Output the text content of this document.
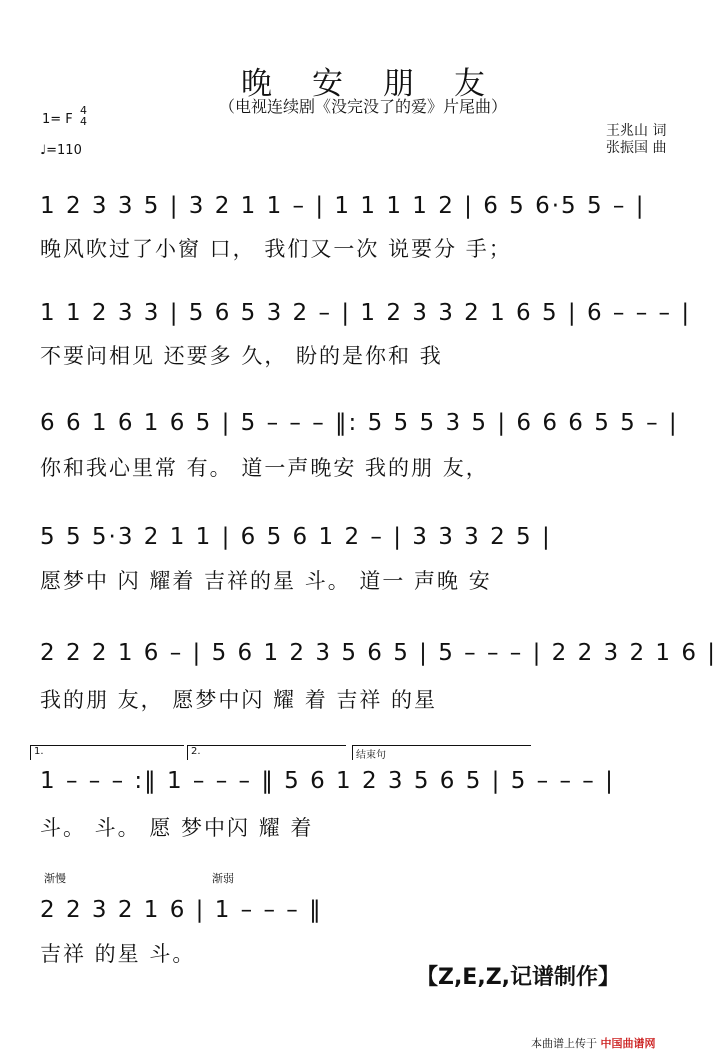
晚安朋友
（电视连续剧《没完没了的爱》片尾曲）
1= F
4
4
♩=110
王兆山 词
张振国 曲
1 2 3 3 5 | 3 2 1 1 – | 1 1 1 1 2 | 6 5 6·5 5 – |
晚风吹过了小窗 口， 我们又一次 说要分 手；
1 1 2 3 3 | 5 6 5 3 2 – | 1 2 3 3 2 1 6 5 | 6 – – – |
不要问相见 还要多 久， 盼的是你和 我
6 6 1 6 1 6 5 | 5 – – – ‖: 5 5 5 3 5 | 6 6 6 5 5 – |
你和我心里常 有。 道一声晚安 我的朋 友，
5 5 5·3 2 1 1 | 6 5 6 1 2 – | 3 3 3 2 5 |
愿梦中 闪 耀着 吉祥的星 斗。 道一 声晚 安
2 2 2 1 6 – | 5 6 1 2 3 5 6 5 | 5 – – – | 2 2 3 2 1 6 |
我的朋 友， 愿梦中闪 耀 着 吉祥 的星
1.	2.	结束句
1 – – – :‖ 1 – – – ‖ 5 6 1 2 3 5 6 5 | 5 – – – |
斗。 斗。 愿 梦中闪 耀 着
渐慢	渐弱
2 2 3 2 1 6 | 1 – – – ‖
吉祥 的星 斗。
【Z,E,Z,记谱制作】
本曲谱上传于 中国曲谱网
